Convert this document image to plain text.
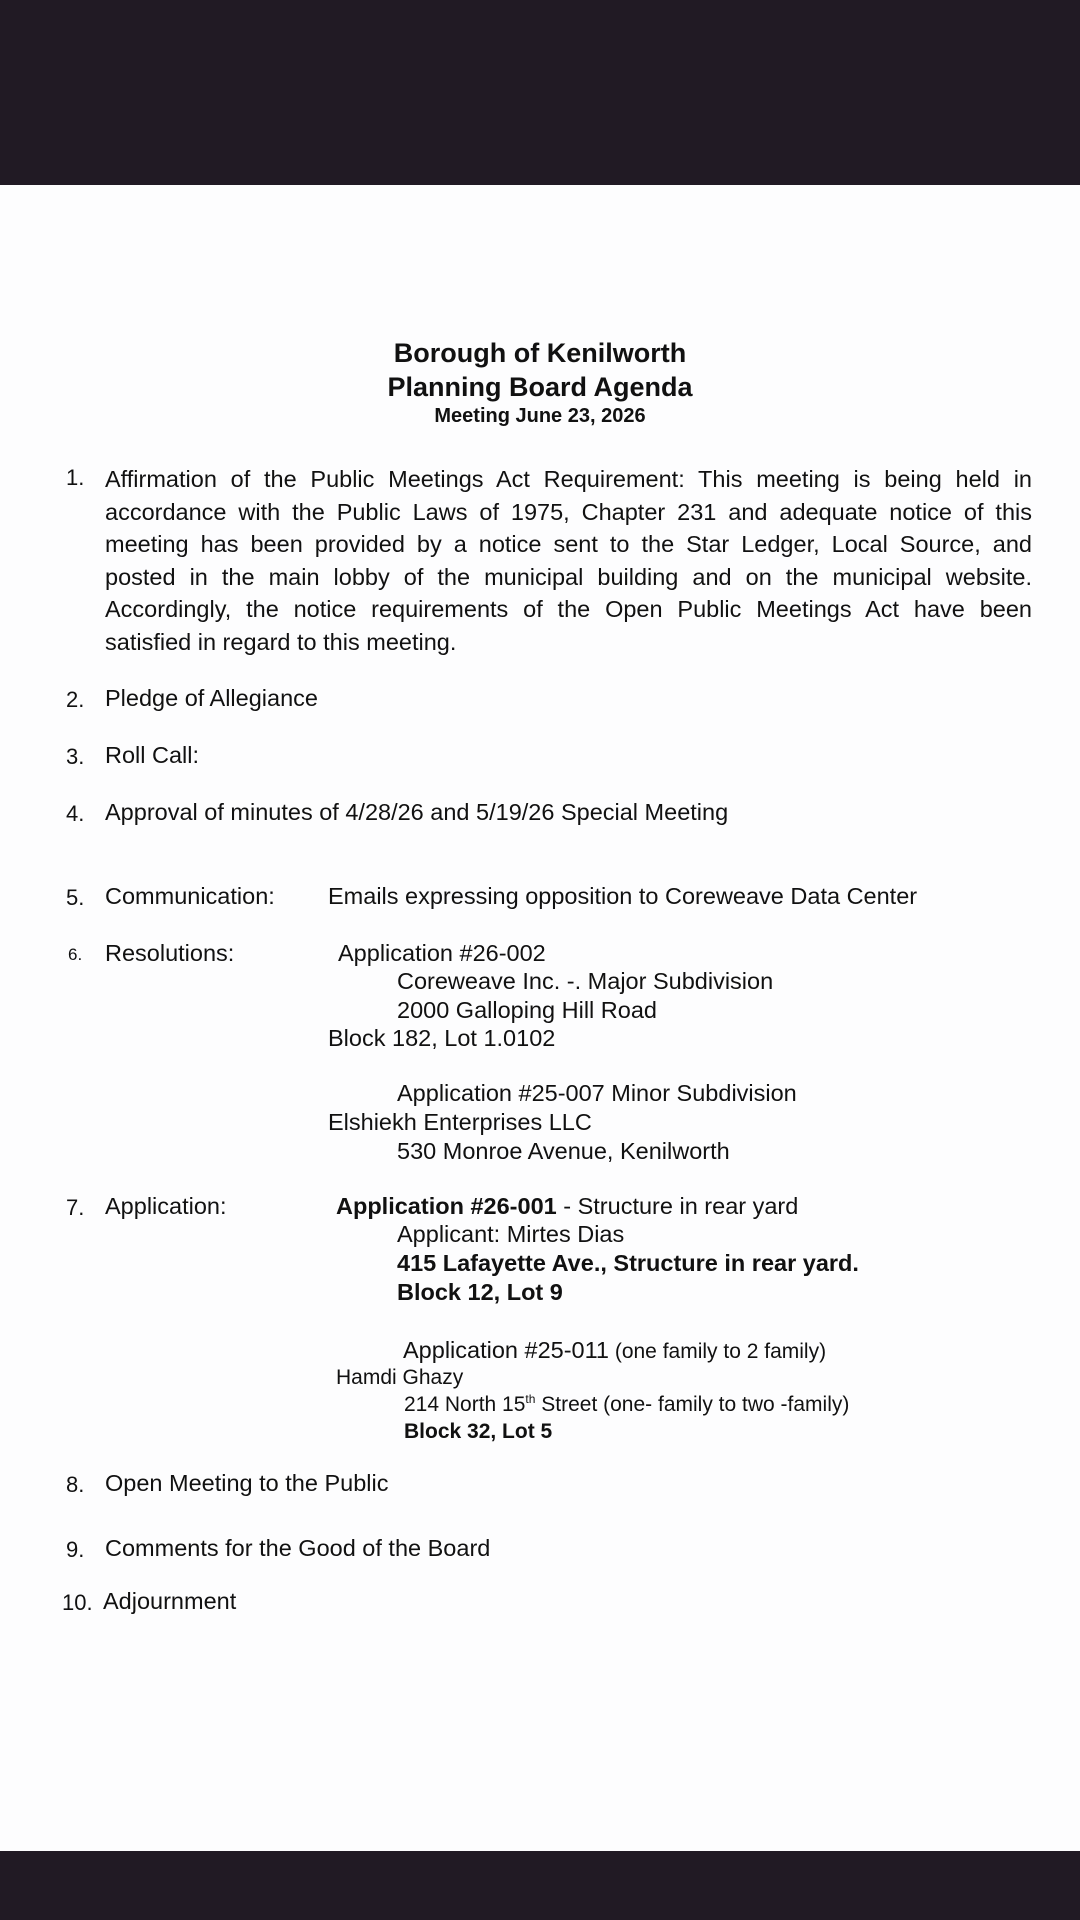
Borough of Kenilworth
Planning Board Agenda
Meeting June 23, 2026
1. Affirmation of the Public Meetings Act Requirement: This meeting is being held in accordance with the Public Laws of 1975, Chapter 231 and adequate notice of this meeting has been provided by a notice sent to the Star Ledger, Local Source, and posted in the main lobby of the municipal building and on the municipal website. Accordingly, the notice requirements of the Open Public Meetings Act have been satisfied in regard to this meeting.
2. Pledge of Allegiance
3. Roll Call:
4. Approval of minutes of 4/28/26 and 5/19/26 Special Meeting
5. Communication: Emails expressing opposition to Coreweave Data Center
6. Resolutions:	Application #26-002
Coreweave Inc. -. Major Subdivision
2000 Galloping Hill Road
Block 182, Lot 1.0102
Application #25-007 Minor Subdivision
Elshiekh Enterprises LLC
530 Monroe Avenue, Kenilworth
7. Application:	Application #26-001 - Structure in rear yard
Applicant: Mirtes Dias
415 Lafayette Ave., Structure in rear yard.
Block 12, Lot 9
Application #25-011 (one family to 2 family)
Hamdi Ghazy
214 North 15th Street (one- family to two -family)
Block 32, Lot 5
8. Open Meeting to the Public
9. Comments for the Good of the Board
10. Adjournment
